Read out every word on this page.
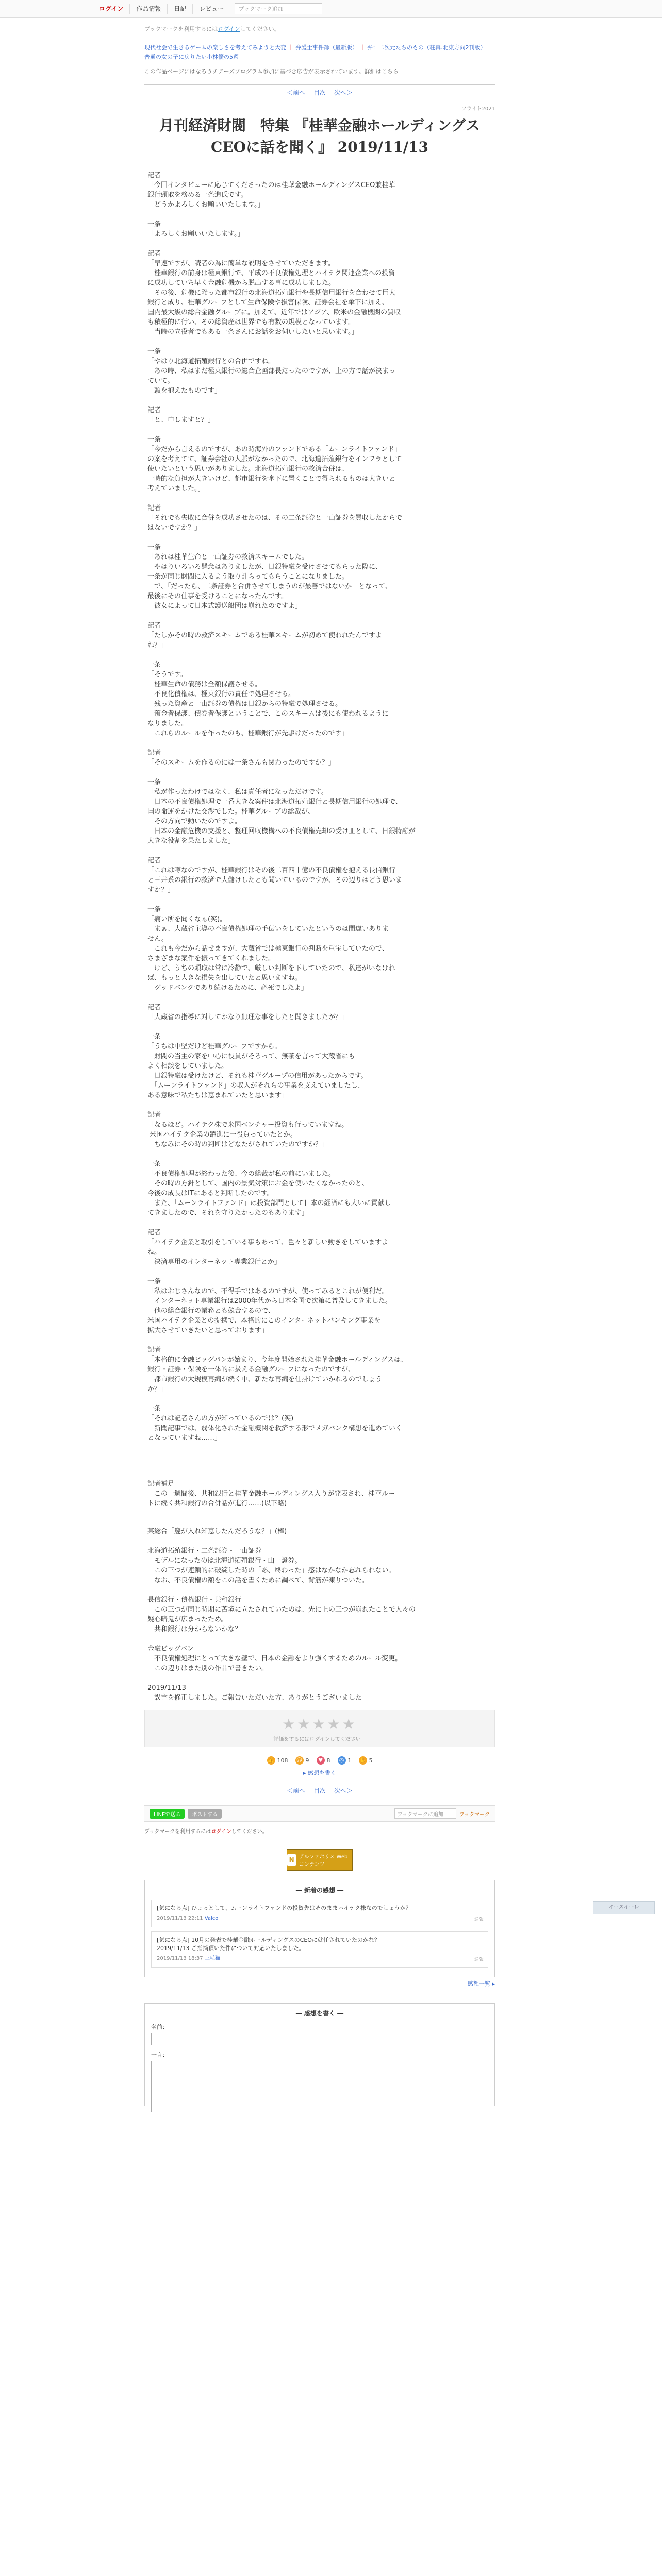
ログイン	作品情報	日記	レビュー	ブックマーク追加
ブックマークを利用するにはログインしてください。
現代社会で生きるゲームの楽しさを考えてみようと大変 ｜ 弁護士事件簿（最新版） ｜ 弁：二次元たちのもの（荘真.北東方向2刊版）
普通の女の子に戻りたい小林優の5週
この作品ページにはなろうチアーズプログラム参加に基づき広告が表示されています。詳細はこちら
＜前へ 目次 次へ＞
フライト2021
月刊経済財閥　特集 『桂華金融ホールディングスCEOに話を聞く』 2019/11/13
記者
「今回インタビューに応じてくださったのは桂華金融ホールディングスCEO兼桂華
銀行頭取を務める一条進氏です。
　どうかよろしくお願いいたします。」

一条
「よろしくお願いいたします。」

記者
「早速ですが、読者の為に簡単な説明をさせていただきます。
　桂華銀行の前身は極東銀行で、平成の不良債権処理とハイテク関連企業への投資
に成功していち早く金融危機から脱出する事に成功しました。
　その後、危機に陥った都市銀行の北海道拓殖銀行や長期信用銀行を合わせて巨大
銀行と成り、桂華グループとして生命保険や損害保険、証券会社を傘下に加え、
国内最大級の総合金融グループに。加えて、近年ではアジア、欧米の金融機関の買収
も積極的に行い、その総資産は世界でも有数の規模となっています。
　当時の立役者でもある一条さんにお話をお伺いしたいと思います。」

一条
「やはり北海道拓殖銀行との合併ですね。
　あの時、私はまだ極東銀行の総合企画部長だったのですが、上の方で話が決まっ
ていて。
　頭を抱えたものです」

記者
「と、申しますと？」

一条
「今だから言えるのですが、あの時海外のファンドである「ムーンライトファンド」
の案を考えてて、証券会社の人脈がなかったので、北海道拓殖銀行をインフラとして
使いたいという思いがありました。北海道拓殖銀行の救済合併は、
一時的な負担が大きいけど、都市銀行を傘下に置くことで得られるものは大きいと
考えていました。」

記者
「それでも失敗に合併を成功させたのは、その二条証券と一山証券を買収したからで
はないですか？」

一条
「あれは桂華生命と一山証券の救済スキームでした。
　やはりいろいろ懸念はありましたが、日銀特融を受けさせてもらった際に、
一条が同じ財閥に入るよう取り計らってもらうことになりました。
　で、「だったら、二条証券と合併させてしまうのが最善ではないか」となって、
最後にその仕事を受けることになったんです。
　彼女によって日本式護送船団は崩れたのですよ」

記者
「たしかその時の救済スキームである桂華スキームが初めて使われたんですよ
ね？」

一条
「そうです。
　桂華生命の債務は全額保護させる。
　不良化債権は、極東銀行の責任で処理させる。
　残った資産と一山証券の債権は日銀からの特融で処理させる。
　預金者保護、債券者保護ということで、このスキームは後にも使われるように
なりました。
　これらのルールを作ったのも、桂華銀行が先駆けだったのです」

記者
「そのスキームを作るのには一条さんも関わったのですか？」

一条
「私が作ったわけではなく、私は責任者になっただけです。
　日本の不良債権処理で一番大きな案件は北海道拓殖銀行と長期信用銀行の処理で、
国の命運をかけた交渉でした。桂華グループの総裁が、
　その方向で動いたのですよ。
　日本の金融危機の支援と、整理回収機構への不良債権売却の受け皿として、日銀特融が
大きな役割を果たしました」

記者
「これは噂なのですが、桂華銀行はその後二百四十億の不良債権を抱える長信銀行
と三井系の銀行の救済で大儲けしたとも聞いているのですが、その辺りはどう思いま
すか？」

一条
「痛い所を聞くなぁ(笑)。
　まぁ、大蔵省主導の不良債権処理の手伝いをしていたというのは間違いありま
せん。
　これも今だから話せますが、大蔵省では極東銀行の判断を重宝していたので、
さまざまな案件を振ってきてくれました。
　けど、うちの頭取は常に冷静で、厳しい判断を下していたので、私達がいなけれ
ば、もっと大きな損失を出していたと思いますね。
　グッドバンクであり続けるために、必死でしたよ」

記者
「大蔵省の指導に対してかなり無理な事をしたと聞きましたが？」

一条
「うちは中堅だけど桂華グループですから。
　財閥の当主の家を中心に役員がそろって、無茶を言って大蔵省にも
よく相談をしていました。
　日銀特融は受けたけど、それも桂華グループの信用があったからです。
　「ムーンライトファンド」の収入がそれらの事業を支えていましたし、
ある意味で私たちは恵まれていたと思います」

記者
「なるほど。ハイテク株で米国ベンチャー投資も行っていますね。
米国ハイテク企業の躍進に一役買っていたとか。
　ちなみにその時の判断はどなたがされていたのですか？」

一条
「不良債権処理が終わった後、今の総裁が私の前にいました。
　その時の方針として、国内の景気対策にお金を使いたくなかったのと、
今後の成長はITにあると判断したのです。
　また、「ムーンライトファンド」は投資部門として日本の経済にも大いに貢献し
てきましたので、それを守りたかったのもあります」

記者
「ハイテク企業と取引をしている事もあって、色々と新しい動きをしていますよ
ね。
　決済専用のインターネット専業銀行とか」

一条
「私はおじさんなので、不得手ではあるのですが、使ってみるとこれが便利だ。
　インターネット専業銀行は2000年代から日本全国で次第に普及してきました。
　他の総合銀行の業務とも競合するので、
米国ハイテク企業との提携で、本格的にこのインターネットバンキング事業を
拡大させていきたいと思っております」

記者
「本格的に金融ビッグバンが始まり、今年度開始された桂華金融ホールディングスは、
銀行・証券・保険を一体的に扱える金融グループになったのですが、
　都市銀行の大規模再編が続く中、新たな再編を仕掛けていかれるのでしょう
か？」

一条
「それは記者さんの方が知っているのでは？(笑)
　新聞記事では、弱体化された金融機関を救済する形でメガバンク構想を進めていく
となっていますね……」
記者補足
　この一週間後、共和銀行と桂華金融ホールディングス入りが発表され、桂華ルー
トに続く共和銀行の合併話が進行……(以下略)
某総合「慶が入れ知恵したんだろうな？」(棒)

北海道拓殖銀行・二条証券・一山証券
　モデルになったのは北海道拓殖銀行・山一證券。
　この三つが連鎖的に破綻した時の「あ、終わった」感はなかなか忘れられない。
　なお、不良債権の額をこの話を書くために調べて、背筋が凍りついた。

長信銀行・債権銀行・共和銀行
　この三つが同じ時期に苦境に立たされていたのは、先に上の三つが崩れたことで人々の
疑心暗鬼が広まったため。
　共和銀行は分からないかな？

金融ビッグバン
　不良債権処理にとって大きな壁で、日本の金融をより強くするためのルール変更。
　この辺りはまた別の作品で書きたい。

2019/11/13
　誤字を修正しました。ご報告いただいた方、ありがとうございました
★★★★★
評価をするにはログインしてください。
👍 108 ☺ 9 ♥ 8 ◎ 1 ✋ 5
▸ 感想を書く
＜前へ 目次 次へ＞
LINEで送る	ポストする	ブックマークに追加	ブックマーク
ブックマークを利用するにはログインしてください。
N アルファポリス Webコンテンツ
― 新着の感想 ―
[気になる点] ひょっとして、ムーンライトファンドの投資先はそのままハイテク株なのでしょうか？
2019/11/13 22:11 Valco	通報
[気になる点] 10月の発表で桂華金融ホールディングスのCEOに就任されていたのかな？
2019/11/13 ご指摘頂いた件について対応いたしました。
2019/11/13 18:37 三毛猫	通報
感想一覧 ▸
― 感想を書く ―
名前：
一言：
イースイーレ
